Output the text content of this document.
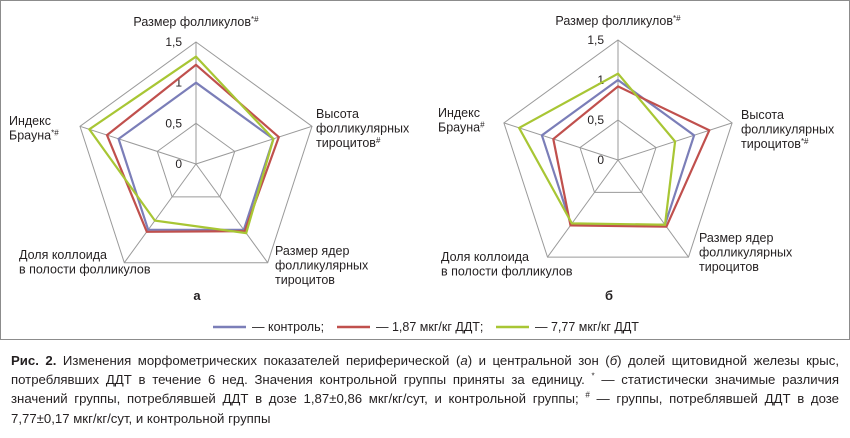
0
0,5
1
1,5
Размер фолликулов*#
Высота фолликулярных тироцитов#
Размер ядер фолликулярных тироцитов
Доля коллоида в полости фолликулов
Индекс Брауна*#
а
0
0,5
1
1,5
Размер фолликулов*#
Высота фолликулярных тироцитов*#
Размер ядер фолликулярных тироцитов
Доля коллоида в полости фолликулов
Индекс Брауна#
б
— контроль;	— 1,87 мкг/кг ДДТ;	— 7,77 мкг/кг ДДТ

Рис. 2. Изменения морфометрических показателей периферической (а) и центральной зон (б) долей щитовидной железы крыс, потреблявших ДДТ в течение 6 нед. Значения контрольной группы приняты за единицу. * — статистически значимые различия значений группы, потреблявшей ДДТ в дозе 1,87±0,86 мкг/кг/сут, и контрольной группы; # — группы, потреблявшей ДДТ в дозе 7,77±0,17 мкг/кг/сут, и контрольной группы
